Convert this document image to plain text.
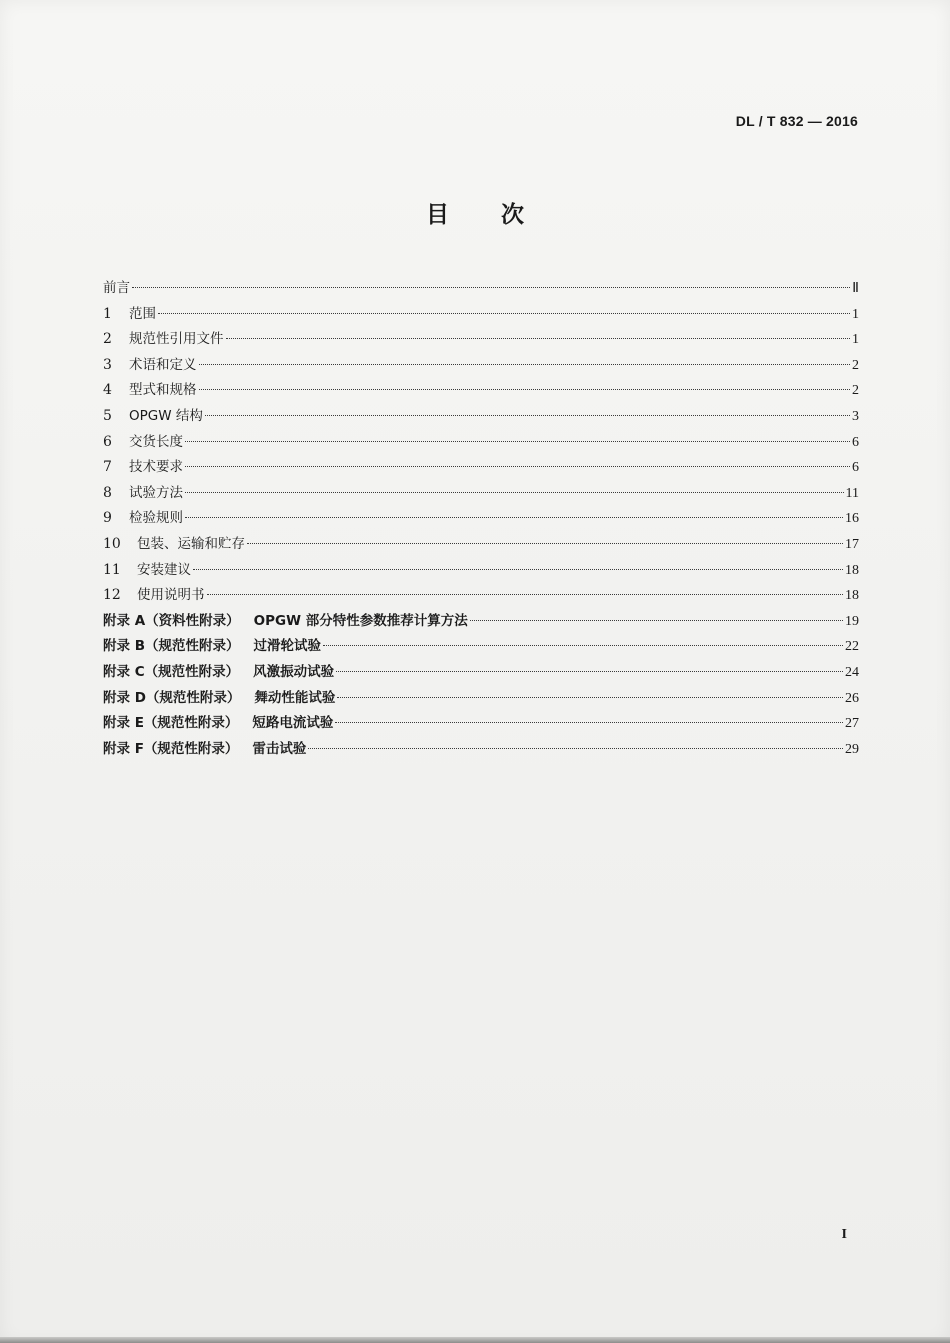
DL / T 832 — 2016
目次
前言	Ⅱ
1	范围	1
2	规范性引用文件	1
3	术语和定义	2
4	型式和规格	2
5	OPGW 结构	3
6	交货长度	6
7	技术要求	6
8	试验方法	11
9	检验规则	16
10	包装、运输和贮存	17
11	安装建议	18
12	使用说明书	18
附录 A（资料性附录） OPGW 部分特性参数推荐计算方法	19
附录 B（规范性附录） 过滑轮试验	22
附录 C（规范性附录） 风激振动试验	24
附录 D（规范性附录） 舞动性能试验	26
附录 E（规范性附录） 短路电流试验	27
附录 F（规范性附录） 雷击试验	29
I
